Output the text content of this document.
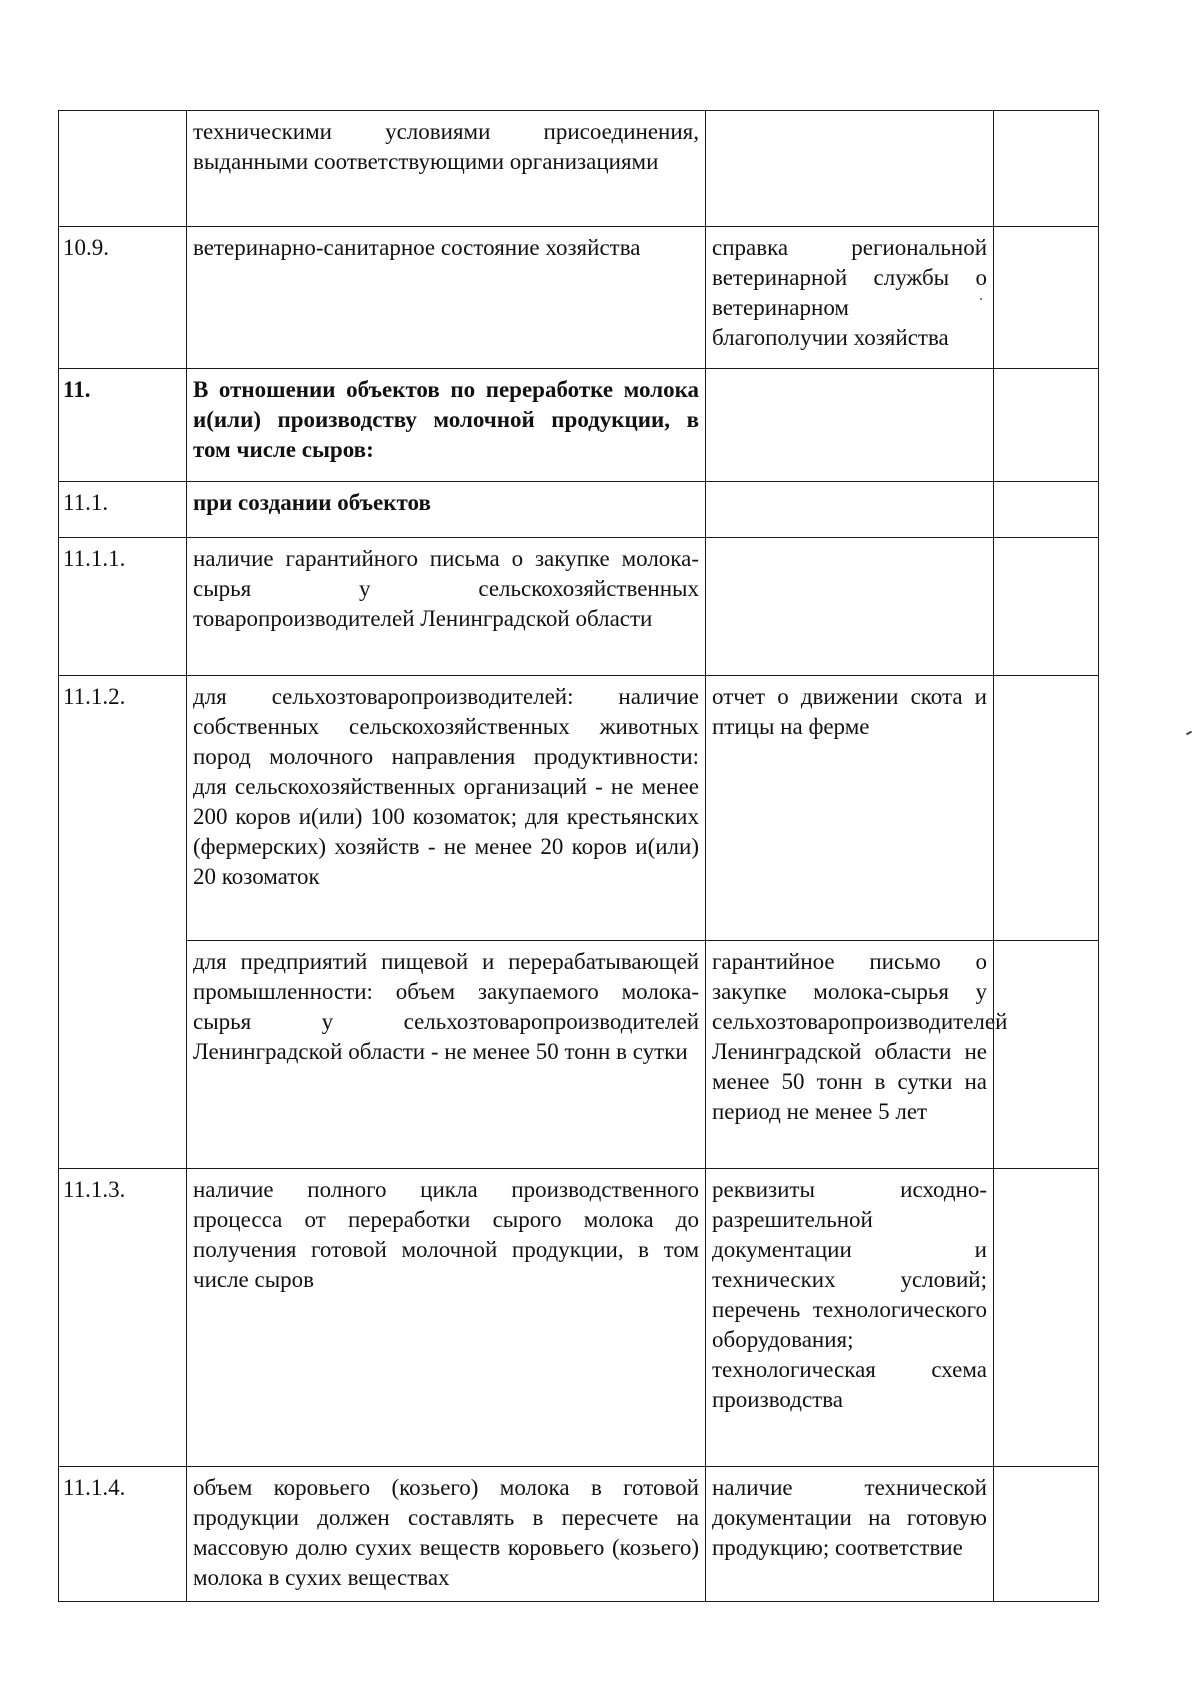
	техническими условиями присоединения, выданными соответствующими организациями		
10.9.	ветеринарно-санитарное состояние хозяйства	справка региональной ветеринарной службы о ветеринарном благополучии хозяйства	
11.	В отношении объектов по переработке молока и(или) производству молочной продукции, в том числе сыров:		
11.1.	при создании объектов		
11.1.1.	наличие гарантийного письма о закупке молока-сырья у сельскохозяйственных товаропроизводителей Ленинградской области		
11.1.2.	для сельхозтоваропроизводителей: наличие собственных сельскохозяйственных животных пород молочного направления продуктивности: для сельскохозяйственных организаций - не менее 200 коров и(или) 100 козоматок; для крестьянских (фермерских) хозяйств - не менее 20 коров и(или) 20 козоматок	отчет о движении скота и птицы на ферме	
	для предприятий пищевой и перерабатывающей промышленности: объем закупаемого молока-сырья у сельхозтоваропроизводителей Ленинградской области - не менее 50 тонн в сутки	гарантийное письмо о закупке молока-сырья у сельхозтоваропроизводителей Ленинградской области не менее 50 тонн в сутки на период не менее 5 лет	
11.1.3.	наличие полного цикла производственного процесса от переработки сырого молока до получения готовой молочной продукции, в том числе сыров	реквизиты исходно-разрешительной документации и технических условий; перечень технологического оборудования; технологическая схема производства	
11.1.4.	объем коровьего (козьего) молока в готовой продукции должен составлять в пересчете на массовую долю сухих веществ коровьего (козьего) молока в сухих веществах	наличие технической документации на готовую продукцию; соответствие	
